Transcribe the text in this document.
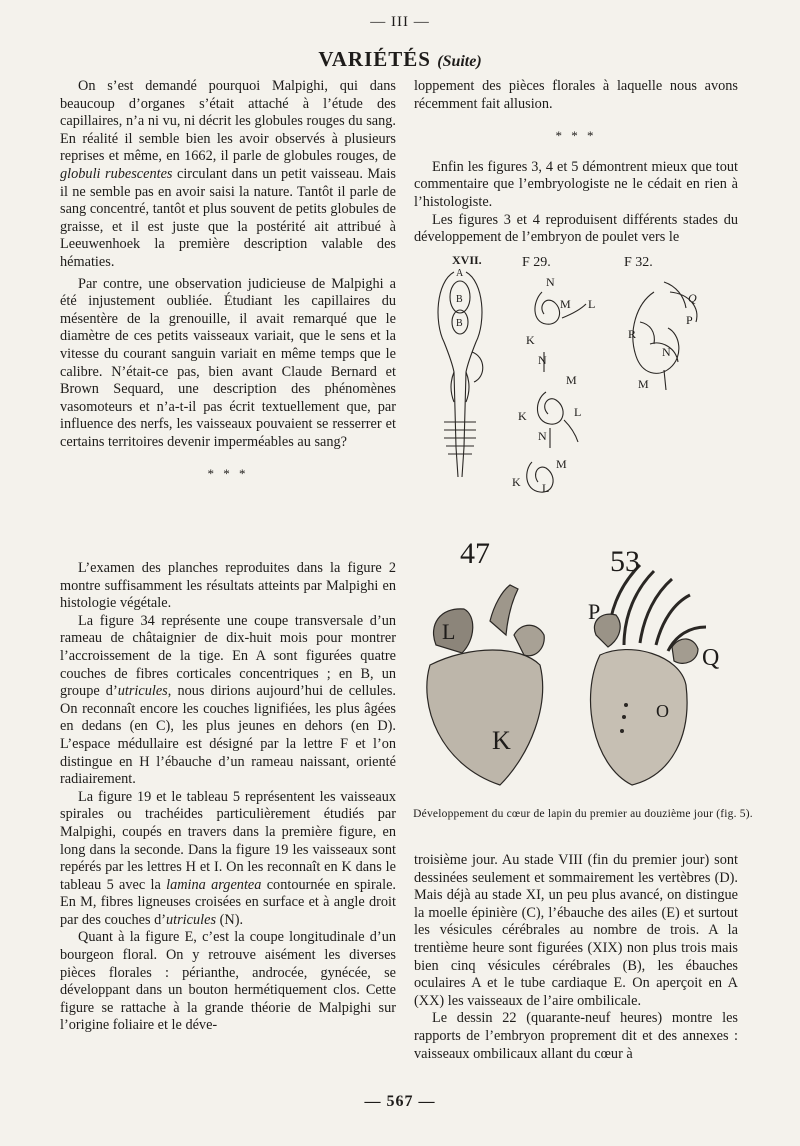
— III —
VARIÉTÉS (Suite)

On s’est demandé pourquoi Malpighi, qui dans beaucoup d’organes s’était attaché à l’étude des capillaires, n’a ni vu, ni décrit les globules rouges du sang. En réalité il semble bien les avoir observés à plusieurs reprises et même, en 1662, il parle de globules rouges, de globuli rubescentes circulant dans un petit vaisseau. Mais il ne semble pas en avoir saisi la nature. Tantôt il parle de sang concentré, tantôt et plus souvent de petits globules de graisse, et il est juste que la postérité ait attribué à Leeuwenhoek la première description valable des hématies.

Par contre, une observation judicieuse de Malpighi a été injustement oubliée. Étudiant les capillaires du mésentère de la grenouille, il avait remarqué que le diamètre de ces petits vaisseaux variait, que le sens et la vitesse du courant sanguin variait en même temps que le calibre. N’était-ce pas, bien avant Claude Bernard et Brown Sequard, une description des phénomènes vasomoteurs et n’a-t-il pas écrit textuellement que, par influence des nerfs, les vaisseaux pouvaient se resserrer et certains territoires devenir imperméables au sang?

* * *

L’examen des planches reproduites dans la figure 2 montre suffisamment les résultats atteints par Malpighi en histologie végétale.

La figure 34 représente une coupe transversale d’un rameau de châtaignier de dix-huit mois pour montrer l’accroissement de la tige. En A sont figurées quatre couches de fibres corticales concentriques ; en B, un groupe d’utricules, nous dirions aujourd’hui de cellules. On reconnaît encore les couches lignifiées, les plus âgées en dedans (en C), les plus jeunes en dehors (en D). L’espace médullaire est désigné par la lettre F et l’on distingue en H l’ébauche d’un rameau naissant, orienté radiairement.

La figure 19 et le tableau 5 représentent les vaisseaux spirales ou trachéides particulièrement étudiés par Malpighi, coupés en travers dans la première figure, en long dans la seconde. Dans la figure 19 les vaisseaux sont repérés par les lettres H et I. On les reconnaît en K dans le tableau 5 avec la lamina argentea contournée en spirale. En M, fibres ligneuses croisées en surface et à angle droit par des couches d’utricules (N).

Quant à la figure E, c’est la coupe longitudinale d’un bourgeon floral. On y retrouve aisément les diverses pièces florales : périanthe, androcée, gynécée, se développant dans un bouton hermétiquement clos. Cette figure se rattache à la grande théorie de Malpighi sur l’origine foliaire et le déve-

loppement des pièces florales à laquelle nous avons récemment fait allusion.

* * *

Enfin les figures 3, 4 et 5 démontrent mieux que tout commentaire que l’embryologiste ne le cédait en rien à l’histologiste.

Les figures 3 et 4 reproduisent différents stades du développement de l’embryon de poulet vers le

XVII.	F 29.	F 32.
A
B
B
N
M L
K
N
M
K	L
N
M
K L
Q
P
R
N
M
47	53
L
K
P
Q
O
Développement du cœur de lapin du premier au douzième jour (fig. 5).

troisième jour. Au stade VIII (fin du premier jour) sont dessinées seulement et sommairement les vertèbres (D). Mais déjà au stade XI, un peu plus avancé, on distingue la moelle épinière (C), l’ébauche des ailes (E) et surtout les vésicules cérébrales au nombre de trois. A la trentième heure sont figurées (XIX) non plus trois mais bien cinq vésicules cérébrales (B), les ébauches oculaires A et le tube cardiaque E. On aperçoit en A (XX) les vaisseaux de l’aire ombilicale.

Le dessin 22 (quarante-neuf heures) montre les rapports de l’embryon proprement dit et des annexes : vaisseaux ombilicaux allant du cœur à

— 567 —
